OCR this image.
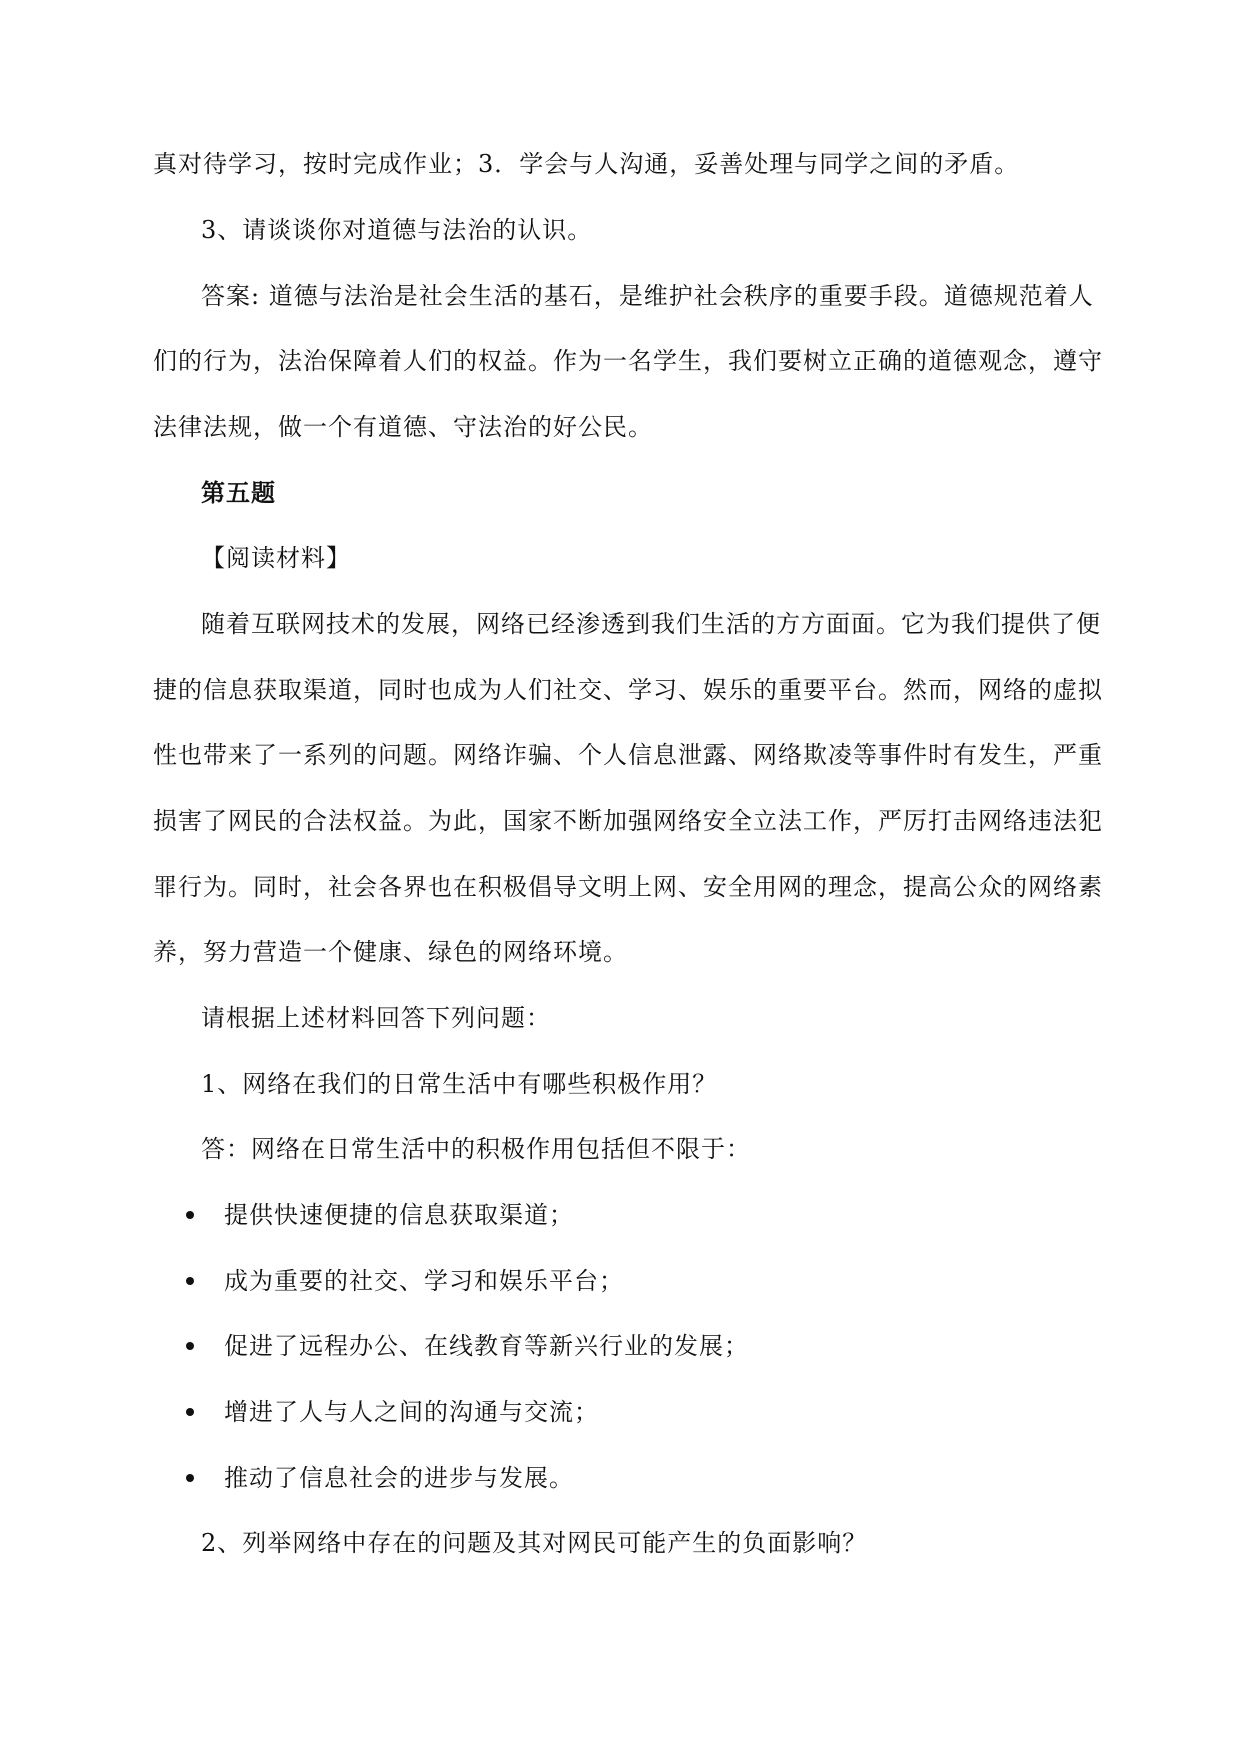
真对待学习，按时完成作业；3．学会与人沟通，妥善处理与同学之间的矛盾。
3、请谈谈你对道德与法治的认识。
答案: 道德与法治是社会生活的基石，是维护社会秩序的重要手段。道德规范着人
们的行为，法治保障着人们的权益。作为一名学生，我们要树立正确的道德观念，遵守
法律法规，做一个有道德、守法治的好公民。
第五题
【阅读材料】
随着互联网技术的发展，网络已经渗透到我们生活的方方面面。它为我们提供了便
捷的信息获取渠道，同时也成为人们社交、学习、娱乐的重要平台。然而，网络的虚拟
性也带来了一系列的问题。网络诈骗、个人信息泄露、网络欺凌等事件时有发生，严重
损害了网民的合法权益。为此，国家不断加强网络安全立法工作，严厉打击网络违法犯
罪行为。同时，社会各界也在积极倡导文明上网、安全用网的理念，提高公众的网络素
养，努力营造一个健康、绿色的网络环境。
请根据上述材料回答下列问题：
1、网络在我们的日常生活中有哪些积极作用？
答：网络在日常生活中的积极作用包括但不限于：
提供快速便捷的信息获取渠道；
成为重要的社交、学习和娱乐平台；
促进了远程办公、在线教育等新兴行业的发展；
增进了人与人之间的沟通与交流；
推动了信息社会的进步与发展。
2、列举网络中存在的问题及其对网民可能产生的负面影响？
